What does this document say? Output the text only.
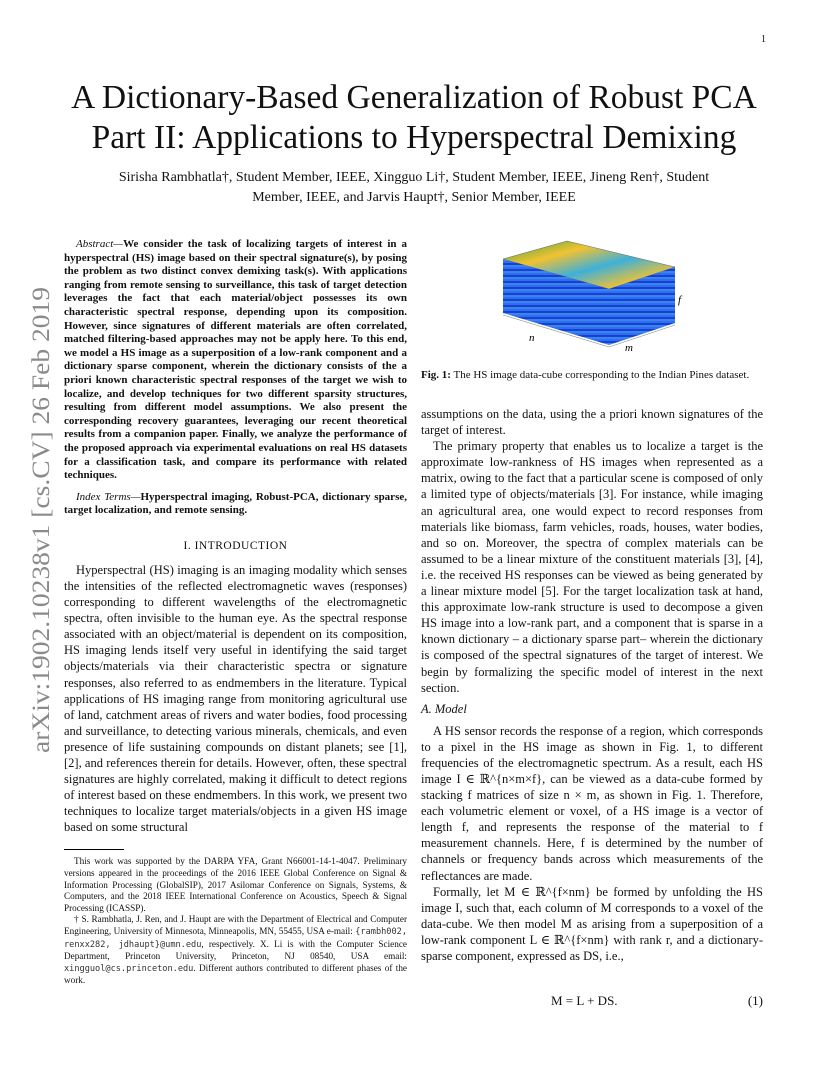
1
arXiv:1902.10238v1 [cs.CV] 26 Feb 2019
A Dictionary-Based Generalization of Robust PCA
Part II: Applications to Hyperspectral Demixing
Sirisha Rambhatla†, Student Member, IEEE, Xingguo Li†, Student Member, IEEE, Jineng Ren†, Student
Member, IEEE, and Jarvis Haupt†, Senior Member, IEEE

Abstract—We consider the task of localizing targets of interest in a hyperspectral (HS) image based on their spectral signature(s), by posing the problem as two distinct convex demixing task(s). With applications ranging from remote sensing to surveillance, this task of target detection leverages the fact that each material/object possesses its own characteristic spectral response, depending upon its composition. However, since signatures of different materials are often correlated, matched filtering-based approaches may not be apply here. To this end, we model a HS image as a superposition of a low-rank component and a dictionary sparse component, wherein the dictionary consists of the a priori known characteristic spectral responses of the target we wish to localize, and develop techniques for two different sparsity structures, resulting from different model assumptions. We also present the corresponding recovery guarantees, leveraging our recent theoretical results from a companion paper. Finally, we analyze the performance of the proposed approach via experimental evaluations on real HS datasets for a classification task, and compare its performance with related techniques.

Index Terms—Hyperspectral imaging, Robust-PCA, dictionary sparse, target localization, and remote sensing.

I. INTRODUCTION

Hyperspectral (HS) imaging is an imaging modality which senses the intensities of the reflected electromagnetic waves (responses) corresponding to different wavelengths of the electromagnetic spectra, often invisible to the human eye. As the spectral response associated with an object/material is dependent on its composition, HS imaging lends itself very useful in identifying the said target objects/materials via their characteristic spectra or signature responses, also referred to as endmembers in the literature. Typical applications of HS imaging range from monitoring agricultural use of land, catchment areas of rivers and water bodies, food processing and surveillance, to detecting various minerals, chemicals, and even presence of life sustaining compounds on distant planets; see [1], [2], and references therein for details. However, often, these spectral signatures are highly correlated, making it difficult to detect regions of interest based on these endmembers. In this work, we present two techniques to localize target materials/objects in a given HS image based on some structural

This work was supported by the DARPA YFA, Grant N66001-14-1-4047. Preliminary versions appeared in the proceedings of the 2016 IEEE Global Conference on Signal & Information Processing (GlobalSIP), 2017 Asilomar Conference on Signals, Systems, & Computers, and the 2018 IEEE International Conference on Acoustics, Speech & Signal Processing (ICASSP).

† S. Rambhatla, J. Ren, and J. Haupt are with the Department of Electrical and Computer Engineering, University of Minnesota, Minneapolis, MN, 55455, USA e-mail: {rambh002, renxx282, jdhaupt}@umn.edu, respectively. X. Li is with the Computer Science Department, Princeton University, Princeton, NJ 08540, USA email: xingguol@cs.princeton.edu. Different authors contributed to different phases of the work.

n
m
f
Fig. 1: The HS image data-cube corresponding to the Indian Pines dataset.

assumptions on the data, using the a priori known signatures of the target of interest.

The primary property that enables us to localize a target is the approximate low-rankness of HS images when represented as a matrix, owing to the fact that a particular scene is composed of only a limited type of objects/materials [3]. For instance, while imaging an agricultural area, one would expect to record responses from materials like biomass, farm vehicles, roads, houses, water bodies, and so on. Moreover, the spectra of complex materials can be assumed to be a linear mixture of the constituent materials [3], [4], i.e. the received HS responses can be viewed as being generated by a linear mixture model [5]. For the target localization task at hand, this approximate low-rank structure is used to decompose a given HS image into a low-rank part, and a component that is sparse in a known dictionary – a dictionary sparse part– wherein the dictionary is composed of the spectral signatures of the target of interest. We begin by formalizing the specific model of interest in the next section.

A. Model

A HS sensor records the response of a region, which corresponds to a pixel in the HS image as shown in Fig. 1, to different frequencies of the electromagnetic spectrum. As a result, each HS image I ∈ ℝ^{n×m×f}, can be viewed as a data-cube formed by stacking f matrices of size n × m, as shown in Fig. 1. Therefore, each volumetric element or voxel, of a HS image is a vector of length f, and represents the response of the material to f measurement channels. Here, f is determined by the number of channels or frequency bands across which measurements of the reflectances are made.

Formally, let M ∈ ℝ^{f×nm} be formed by unfolding the HS image I, such that, each column of M corresponds to a voxel of the data-cube. We then model M as arising from a superposition of a low-rank component L ∈ ℝ^{f×nm} with rank r, and a dictionary-sparse component, expressed as DS, i.e.,

M = L + DS.	(1)
